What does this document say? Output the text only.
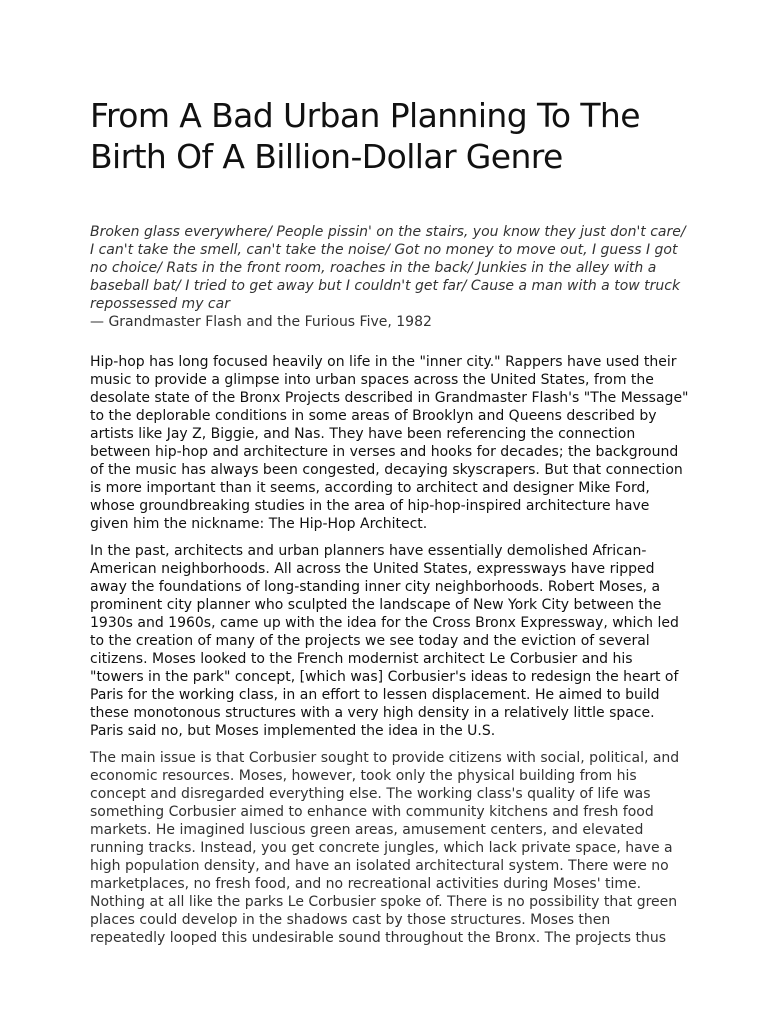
From A Bad Urban Planning To The Birth Of A Billion-Dollar Genre
Broken glass everywhere/ People pissin' on the stairs, you know they just don't care/ I can't take the smell, can't take the noise/ Got no money to move out, I guess I got no choice/ Rats in the front room, roaches in the back/ Junkies in the alley with a baseball bat/ I tried to get away but I couldn't get far/ Cause a man with a tow truck repossessed my car
— Grandmaster Flash and the Furious Five, 1982

Hip-hop has long focused heavily on life in the "inner city." Rappers have used their music to provide a glimpse into urban spaces across the United States, from the desolate state of the Bronx Projects described in Grandmaster Flash's "The Message" to the deplorable conditions in some areas of Brooklyn and Queens described by artists like Jay Z, Biggie, and Nas. They have been referencing the connection between hip-hop and architecture in verses and hooks for decades; the background of the music has always been congested, decaying skyscrapers. But that connection is more important than it seems, according to architect and designer Mike Ford, whose groundbreaking studies in the area of hip-hop-inspired architecture have given him the nickname: The Hip-Hop Architect.

In the past, architects and urban planners have essentially demolished African-American neighborhoods. All across the United States, expressways have ripped away the foundations of long-standing inner city neighborhoods. Robert Moses, a prominent city planner who sculpted the landscape of New York City between the 1930s and 1960s, came up with the idea for the Cross Bronx Expressway, which led to the creation of many of the projects we see today and the eviction of several citizens. Moses looked to the French modernist architect Le Corbusier and his "towers in the park" concept, [which was] Corbusier's ideas to redesign the heart of Paris for the working class, in an effort to lessen displacement. He aimed to build these monotonous structures with a very high density in a relatively little space. Paris said no, but Moses implemented the idea in the U.S.

The main issue is that Corbusier sought to provide citizens with social, political, and economic resources. Moses, however, took only the physical building from his concept and disregarded everything else. The working class's quality of life was something Corbusier aimed to enhance with community kitchens and fresh food markets. He imagined luscious green areas, amusement centers, and elevated running tracks. Instead, you get concrete jungles, which lack private space, have a high population density, and have an isolated architectural system. There were no marketplaces, no fresh food, and no recreational activities during Moses' time. Nothing at all like the parks Le Corbusier spoke of. There is no possibility that green places could develop in the shadows cast by those structures. Moses then repeatedly looped this undesirable sound throughout the Bronx. The projects thus
